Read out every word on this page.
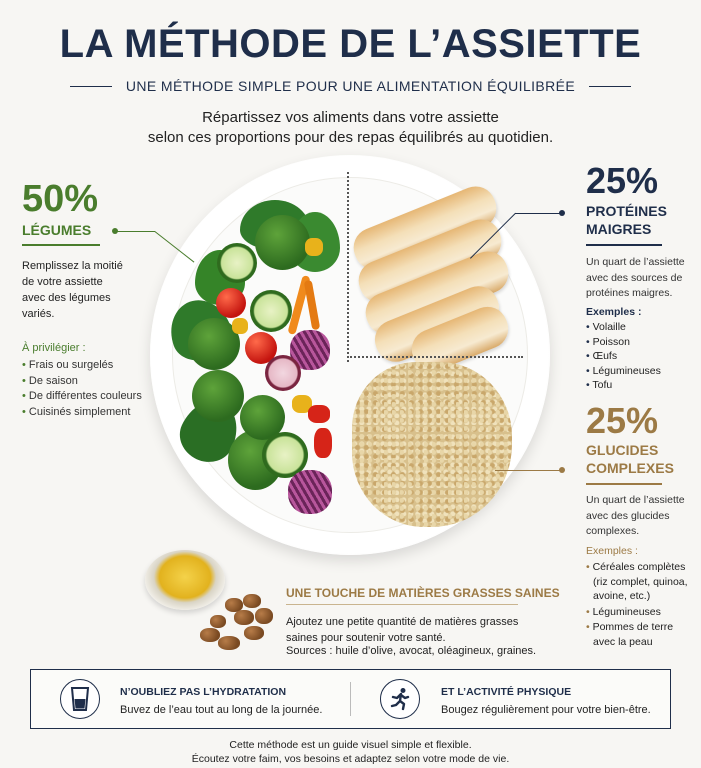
LA MÉTHODE DE L’ASSIETTE
UNE MÉTHODE SIMPLE POUR UNE ALIMENTATION ÉQUILIBRÉE
Répartissez vos aliments dans votre assiette
selon ces proportions pour des repas équilibrés au quotidien.
50%
LÉGUMES
Remplissez la moitié de votre assiette avec des légumes variés.
À privilégier :
• Frais ou surgelés
• De saison
• De différentes couleurs
• Cuisinés simplement
25%
PROTÉINES
MAIGRES
Un quart de l’assiette avec des sources de protéines maigres.
Exemples :
• Volaille
• Poisson
• Œufs
• Légumineuses
• Tofu
25%
GLUCIDES
COMPLEXES
Un quart de l’assiette avec des glucides complexes.
Exemples :
• Céréales complètes (riz complet, quinoa, avoine, etc.)
• Légumineuses
• Pommes de terre avec la peau
UNE TOUCHE DE MATIÈRES GRASSES SAINES
Ajoutez une petite quantité de matières grasses saines pour soutenir votre santé.
Sources : huile d’olive, avocat, oléagineux, graines.
N’OUBLIEZ PAS L’HYDRATATION
Buvez de l’eau tout au long de la journée.
ET L’ACTIVITÉ PHYSIQUE
Bougez régulièrement pour votre bien-être.
Cette méthode est un guide visuel simple et flexible.
Écoutez votre faim, vos besoins et adaptez selon votre mode de vie.
